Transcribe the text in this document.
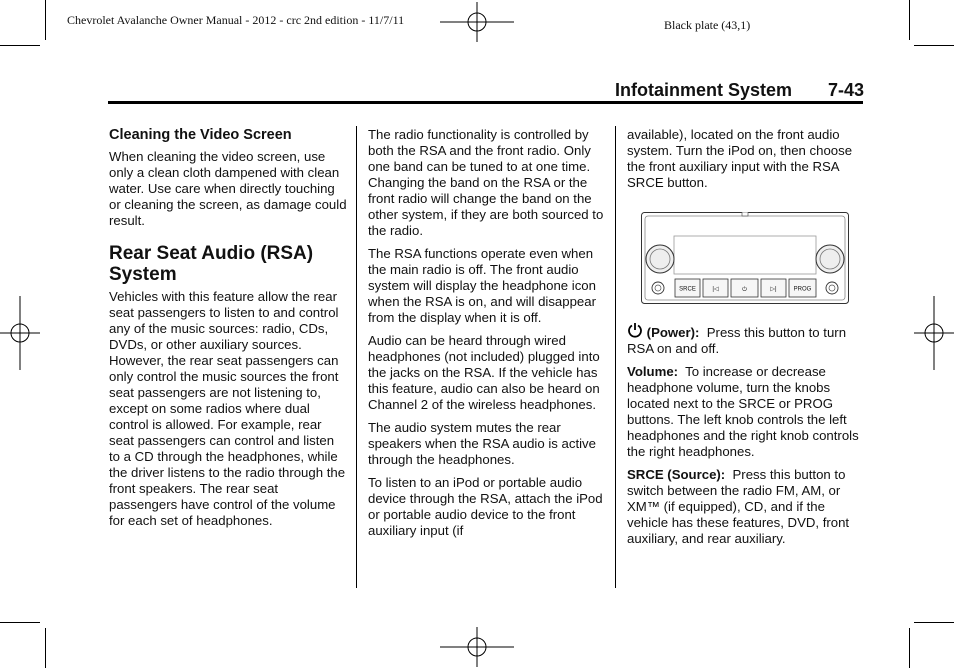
Chevrolet Avalanche Owner Manual - 2012 - crc 2nd edition - 11/7/11	Black plate (43,1)
Infotainment System 7-43
Cleaning the Video Screen

When cleaning the video screen, use only a clean cloth dampened with clean water. Use care when directly touching or cleaning the screen, as damage could result.

Rear Seat Audio (RSA) System

Vehicles with this feature allow the rear seat passengers to listen to and control any of the music sources: radio, CDs, DVDs, or other auxiliary sources. However, the rear seat passengers can only control the music sources the front seat passengers are not listening to, except on some radios where dual control is allowed. For example, rear seat passengers can control and listen to a CD through the headphones, while the driver listens to the radio through the front speakers. The rear seat passengers have control of the volume for each set of headphones.

The radio functionality is controlled by both the RSA and the front radio. Only one band can be tuned to at one time. Changing the band on the RSA or the front radio will change the band on the other system, if they are both sourced to the radio.

The RSA functions operate even when the main radio is off. The front audio system will display the headphone icon when the RSA is on, and will disappear from the display when it is off.

Audio can be heard through wired headphones (not included) plugged into the jacks on the RSA. If the vehicle has this feature, audio can also be heard on Channel 2 of the wireless headphones.

The audio system mutes the rear speakers when the RSA audio is active through the headphones.

To listen to an iPod or portable audio device through the RSA, attach the iPod or portable audio device to the front auxiliary input (if

available), located on the front audio system. Turn the iPod on, then choose the front auxiliary input with the RSA SRCE button.

SRCE	|◁	⏻	▷|	PROG

(Power): Press this button to turn RSA on and off.

Volume: To increase or decrease headphone volume, turn the knobs located next to the SRCE or PROG buttons. The left knob controls the left headphones and the right knob controls the right headphones.

SRCE (Source): Press this button to switch between the radio FM, AM, or XM™ (if equipped), CD, and if the vehicle has these features, DVD, front auxiliary, and rear auxiliary.
